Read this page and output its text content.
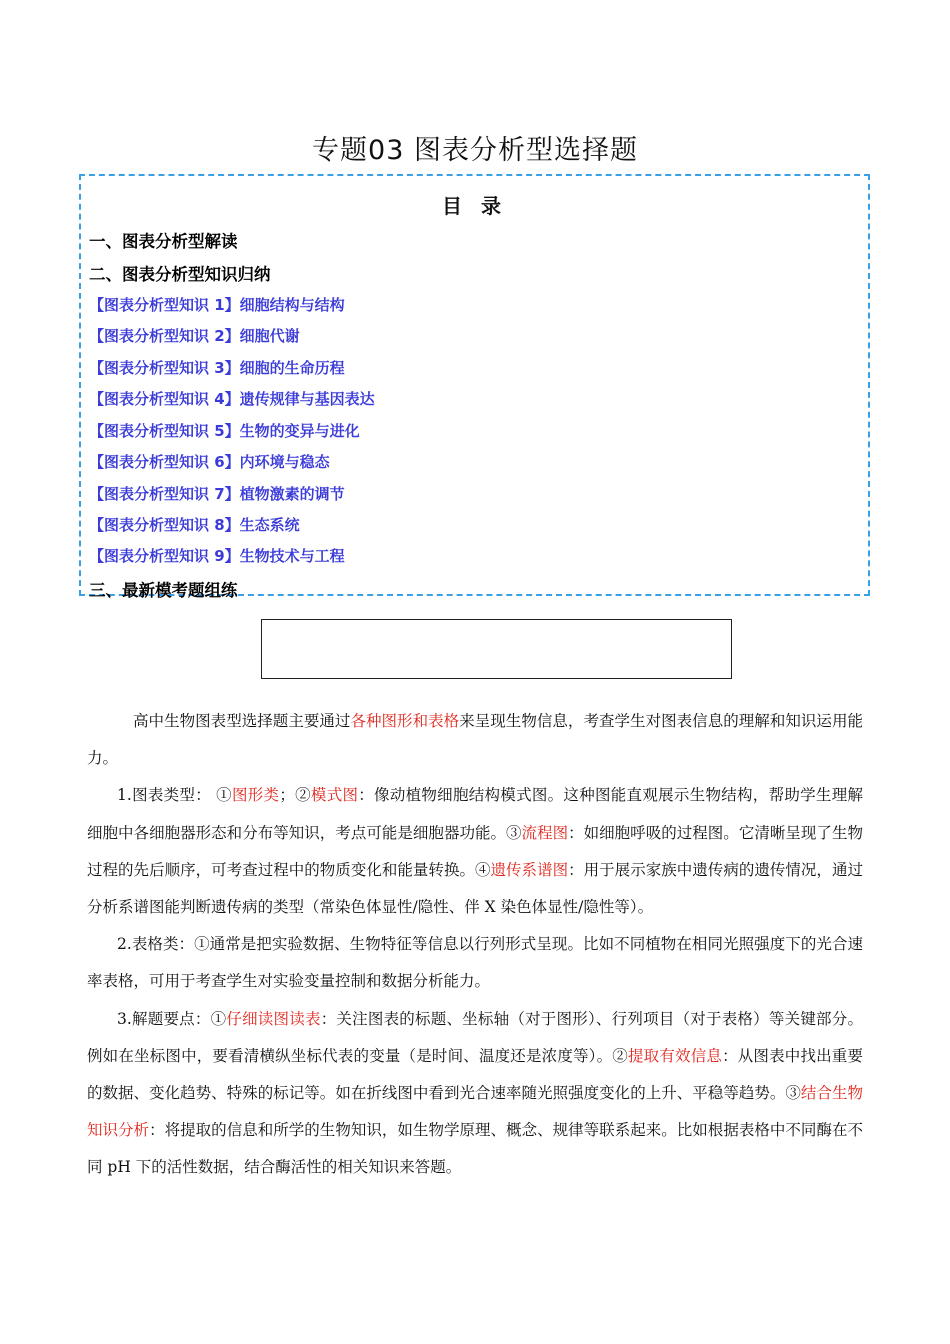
专题03 图表分析型选择题
目 录
一、图表分析型解读
二、图表分析型知识归纳
【图表分析型知识 1】细胞结构与结构
【图表分析型知识 2】细胞代谢
【图表分析型知识 3】细胞的生命历程
【图表分析型知识 4】遗传规律与基因表达
【图表分析型知识 5】生物的变异与进化
【图表分析型知识 6】内环境与稳态
【图表分析型知识 7】植物激素的调节
【图表分析型知识 8】生态系统
【图表分析型知识 9】生物技术与工程
三、最新模考题组练

高中生物图表型选择题主要通过各种图形和表格来呈现生物信息，考查学生对图表信息的理解和知识运用能力。

1.图表类型： ①图形类；②模式图：像动植物细胞结构模式图。这种图能直观展示生物结构，帮助学生理解细胞中各细胞器形态和分布等知识，考点可能是细胞器功能。③流程图：如细胞呼吸的过程图。它清晰呈现了生物过程的先后顺序，可考查过程中的物质变化和能量转换。④遗传系谱图：用于展示家族中遗传病的遗传情况，通过分析系谱图能判断遗传病的类型（常染色体显性/隐性、伴 X 染色体显性/隐性等）。

2.表格类：①通常是把实验数据、生物特征等信息以行列形式呈现。比如不同植物在相同光照强度下的光合速率表格，可用于考查学生对实验变量控制和数据分析能力。

3.解题要点：①仔细读图读表：关注图表的标题、坐标轴（对于图形）、行列项目（对于表格）等关键部分。例如在坐标图中，要看清横纵坐标代表的变量（是时间、温度还是浓度等）。②提取有效信息：从图表中找出重要的数据、变化趋势、特殊的标记等。如在折线图中看到光合速率随光照强度变化的上升、平稳等趋势。③结合生物知识分析：将提取的信息和所学的生物知识，如生物学原理、概念、规律等联系起来。比如根据表格中不同酶在不同 pH 下的活性数据，结合酶活性的相关知识来答题。
